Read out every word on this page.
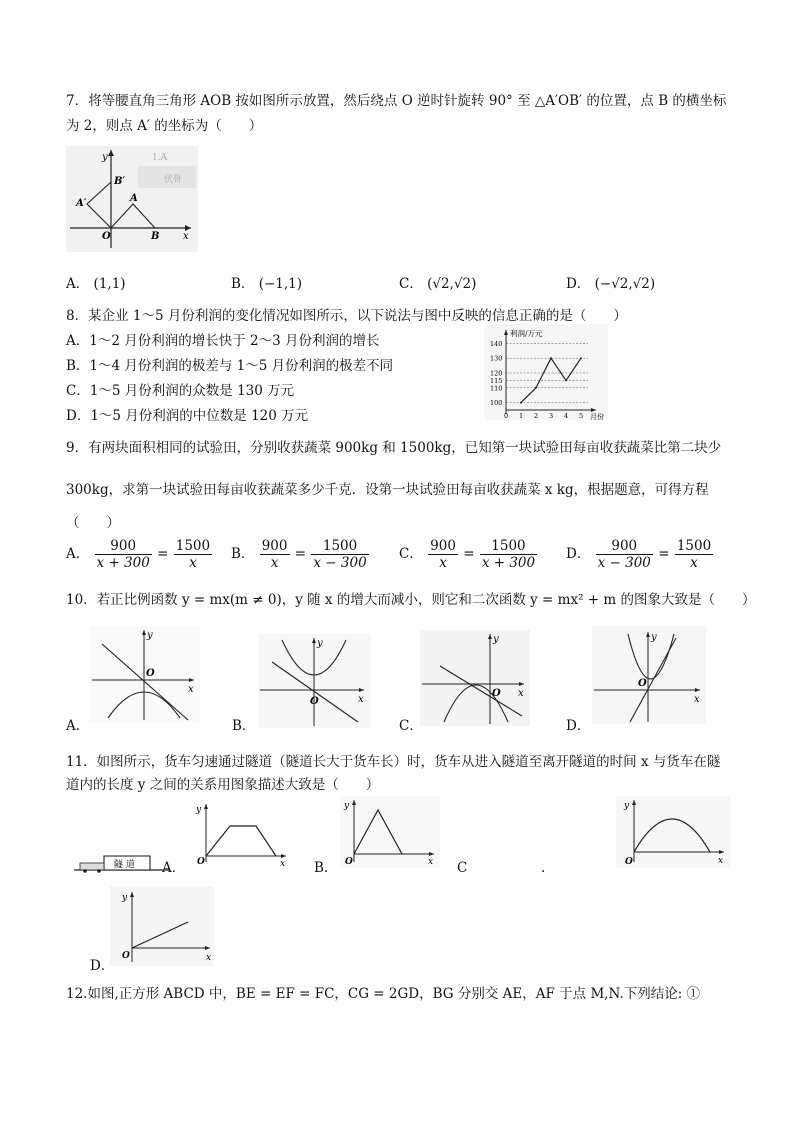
7．将等腰直角三角形 AOB 按如图所示放置，然后绕点 O 逆时针旋转 90° 至 △A′OB′ 的位置，点 B 的横坐标
为 2，则点 A′ 的坐标为（　　）
1.A
伏骨
y
x
O
A
B
A′
B′
A． (1,1)	B． (−1,1)	C． (√2,√2)	D． (−√2,√2)
8．某企业 1～5 月份利润的变化情况如图所示，以下说法与图中反映的信息正确的是（　　）
A．1～2 月份利润的增长快于 2～3 月份利润的增长
B．1～4 月份利润的极差与 1～5 月份利润的极差不同
C．1～5 月份利润的众数是 130 万元
D．1～5 月份利润的中位数是 120 万元
利润/万元
月份
100
110
115
120
130
140
0 1 2 3 4 5
9．有两块面积相同的试验田，分别收获蔬菜 900kg 和 1500kg，已知第一块试验田每亩收获蔬菜比第二块少
300kg，求第一块试验田每亩收获蔬菜多少千克．设第一块试验田每亩收获蔬菜 x kg，根据题意，可得方程
（　　）
A． $\frac{900}{x + 300} = \frac{1500}{x}$ B． $\frac{900}{x} = \frac{1500}{x - 300}$ C． $\frac{900}{x} = \frac{1500}{x + 300}$ D． $\frac{900}{x - 300} = \frac{1500}{x}$
10．若正比例函数 y = mx(m ≠ 0)，y 随 x 的增大而减小，则它和二次函数 y = mx² + m 的图象大致是（　　）
y
x
O
A．
y
x
O
B．
y
x
O
C．
y
x
O
D．
11．如图所示，货车匀速通过隧道（隧道长大于货车长）时，货车从进入隧道至离开隧道的时间 x 与货车在隧
道内的长度 y 之间的关系用图象描述大致是（　　）
隧 道 A．
y
x
O	B．
y
x
O	C	.
y
x
O
y
x
O
D．
12.如图,正方形 ABCD 中，BE = EF = FC，CG = 2GD，BG 分别交 AE，AF 于点 M,N.下列结论: ①
